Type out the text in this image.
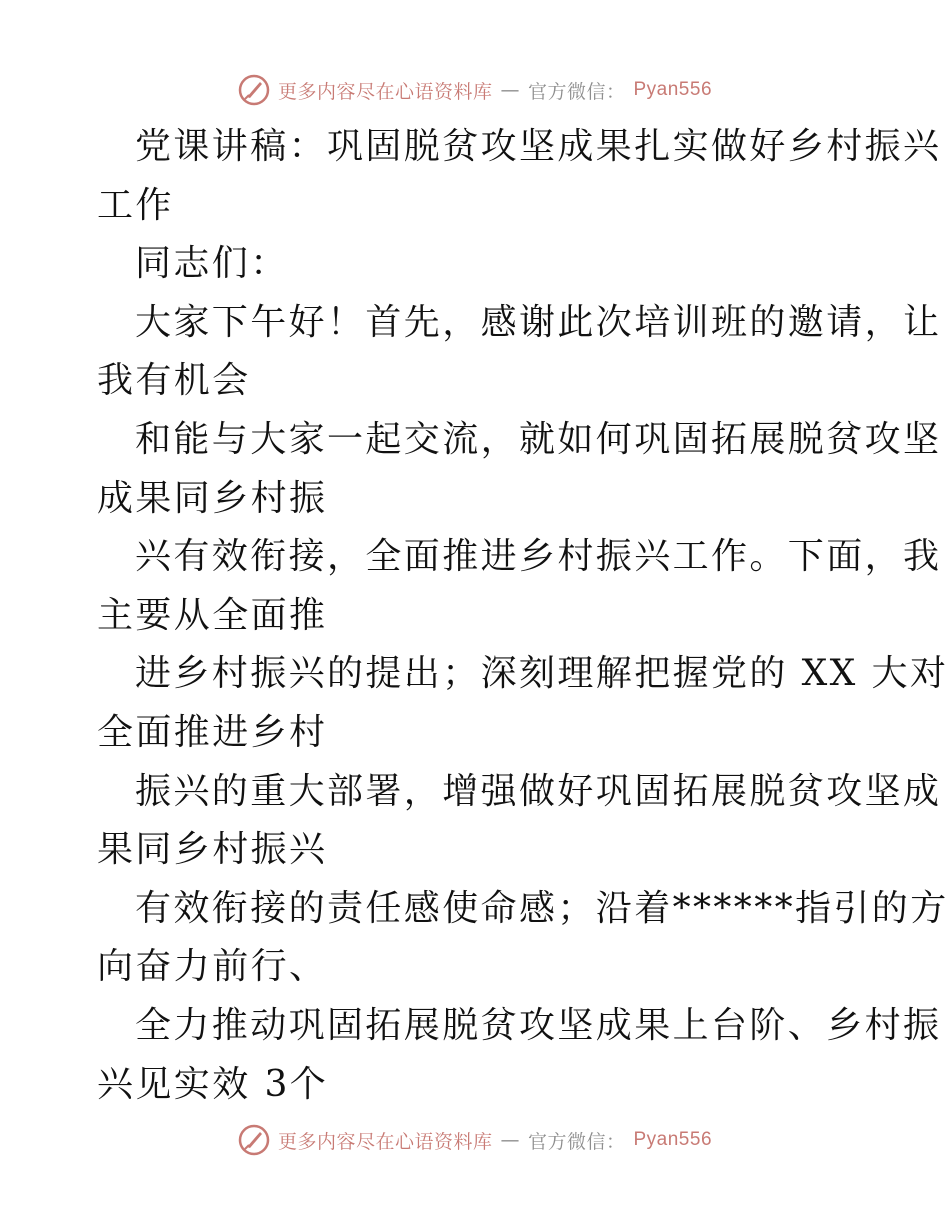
更多内容尽在心语资料库 — 官方微信： Pyan556
党课讲稿：巩固脱贫攻坚成果扎实做好乡村振兴
工作
同志们：
大家下午好！首先，感谢此次培训班的邀请，让
我有机会
和能与大家一起交流，就如何巩固拓展脱贫攻坚
成果同乡村振
兴有效衔接，全面推进乡村振兴工作。下面，我
主要从全面推
进乡村振兴的提出；深刻理解把握党的 XX 大对
全面推进乡村
振兴的重大部署，增强做好巩固拓展脱贫攻坚成
果同乡村振兴
有效衔接的责任感使命感；沿着******指引的方
向奋力前行、
全力推动巩固拓展脱贫攻坚成果上台阶、乡村振
兴见实效 3个
更多内容尽在心语资料库 — 官方微信： Pyan556
